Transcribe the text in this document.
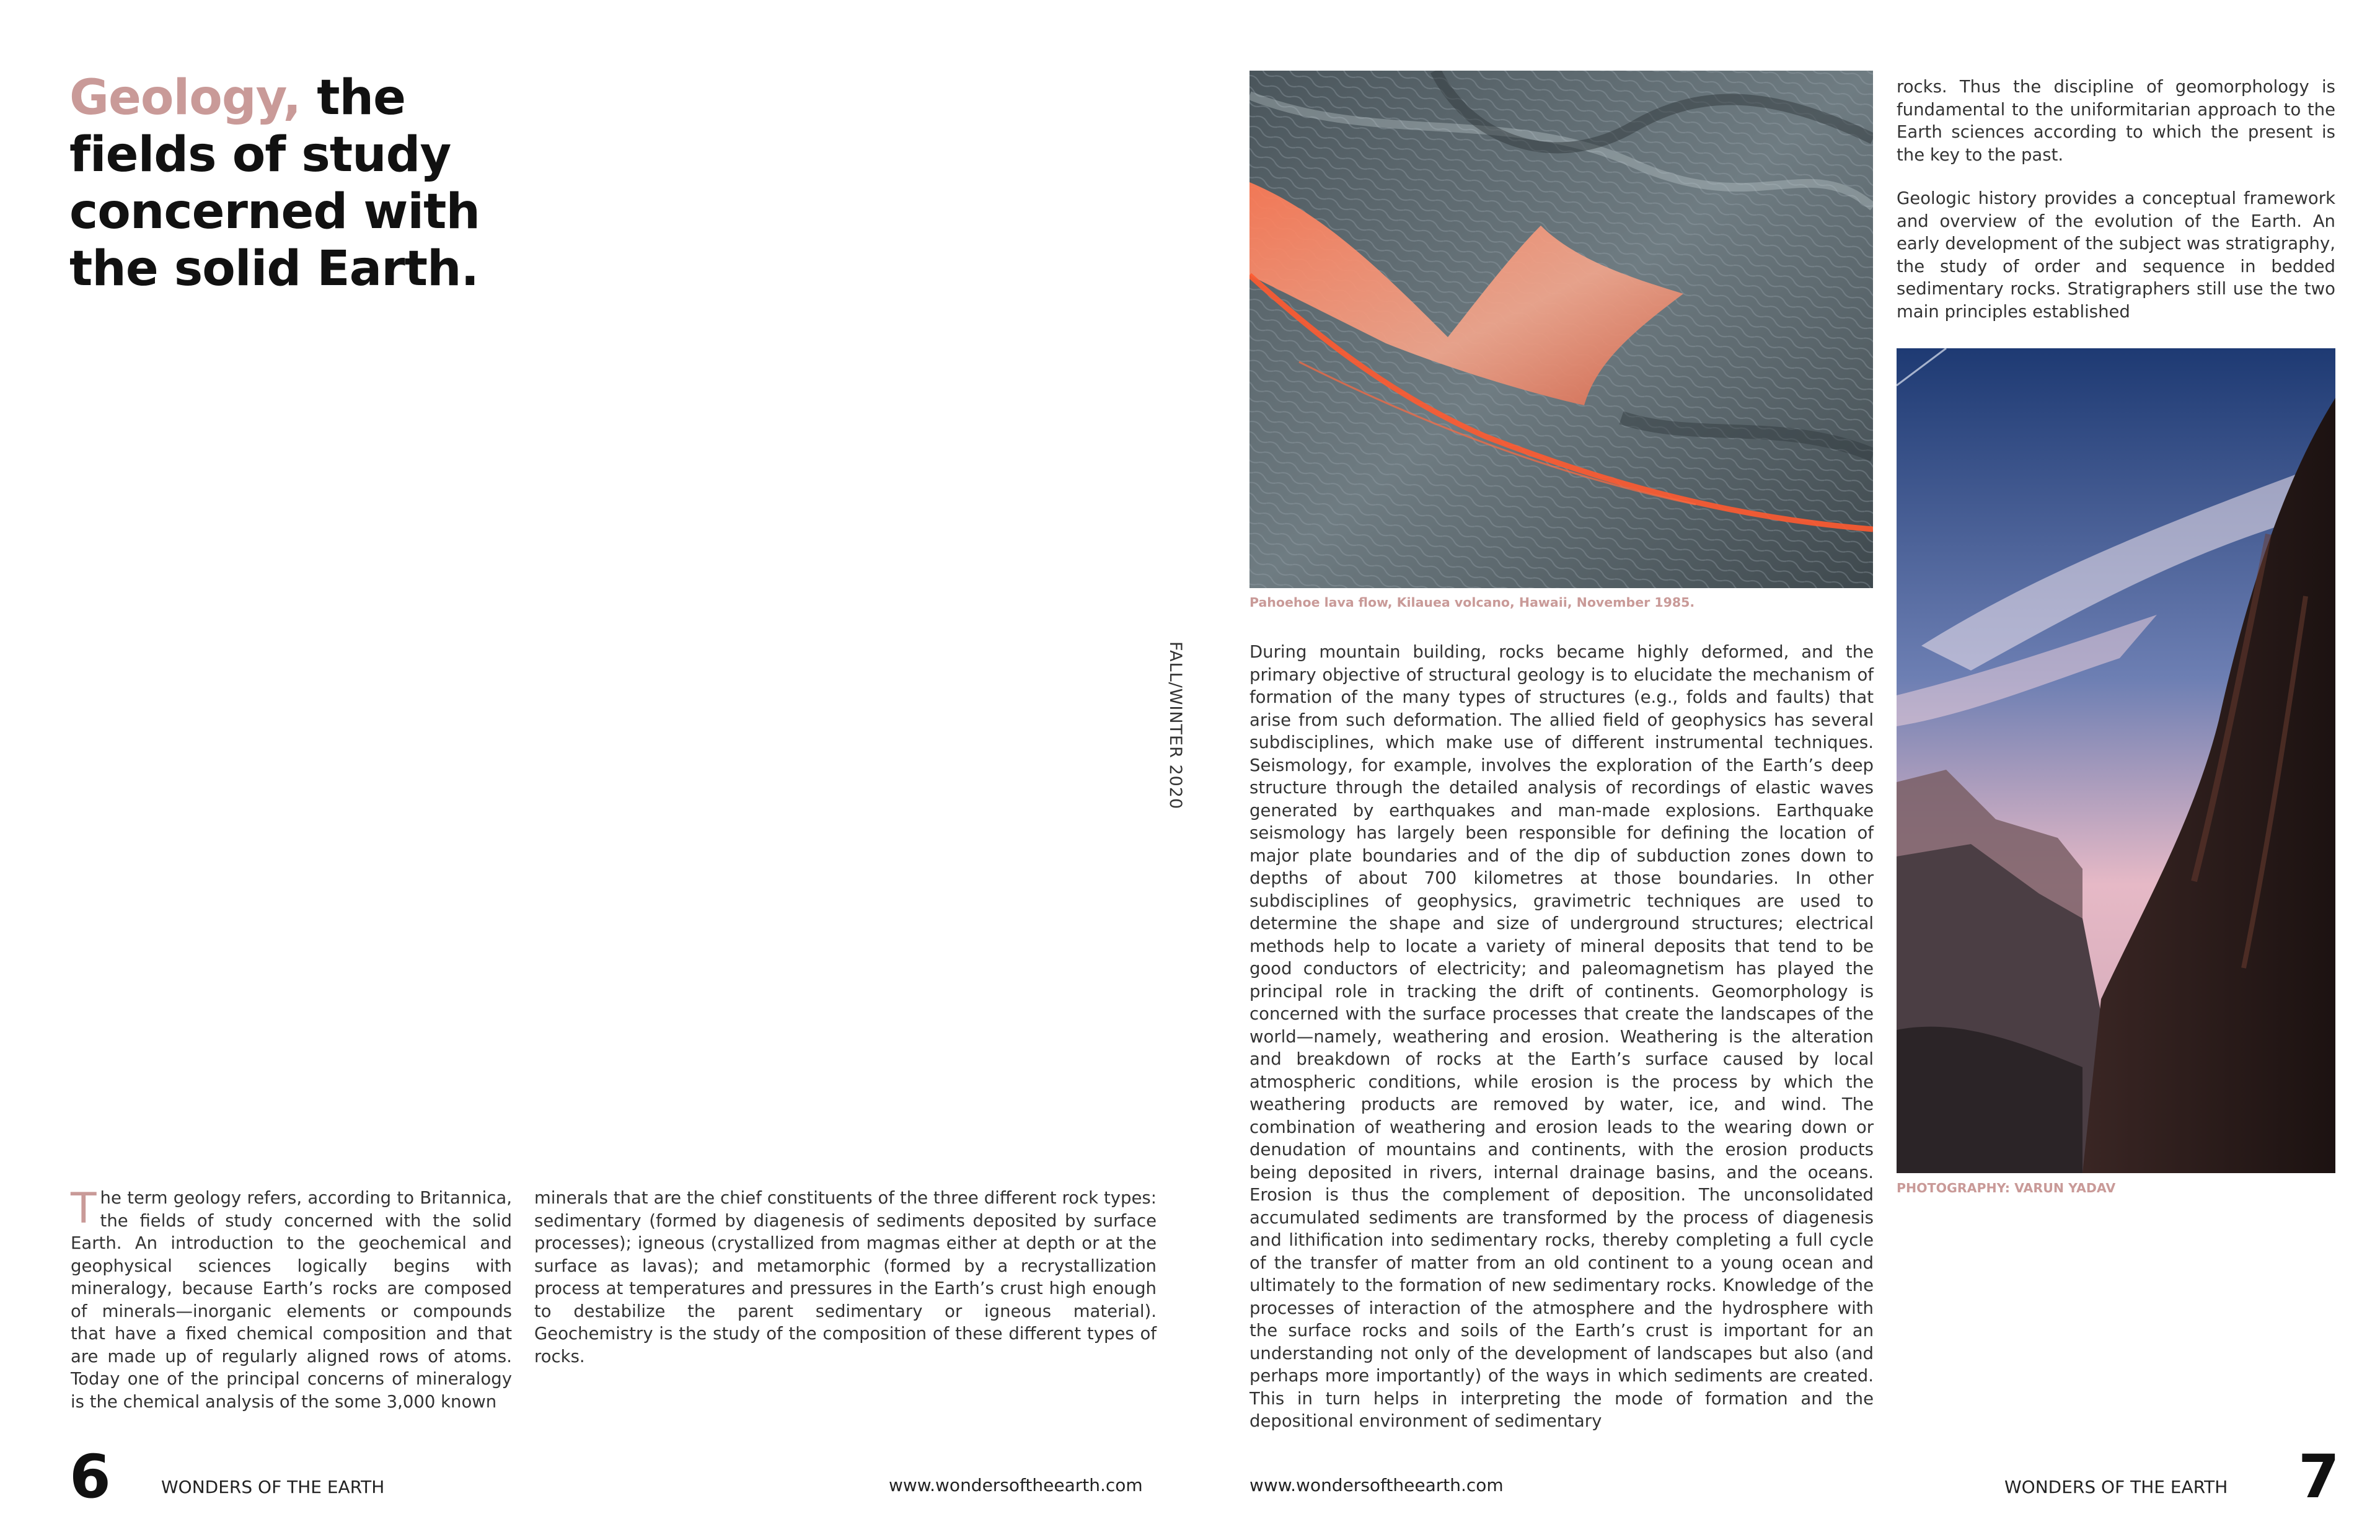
Geology, the fields of study concerned with the solid Earth.
The term geology refers, according to Britannica, the fields of study concerned with the solid Earth. An introduction to the geochemical and geophysical sciences logically begins with mineralogy, because Earth’s rocks are composed of minerals—inorganic elements or compounds that have a fixed chemical composition and that are made up of regularly aligned rows of atoms. Today one of the principal concerns of mineralogy is the chemical analysis of the some 3,000 known
minerals that are the chief constituents of the three different rock types: sedimentary (formed by diagenesis of sediments deposited by surface processes); igneous (crystallized from magmas either at depth or at the surface as lavas); and metamorphic (formed by a recrystallization process at temperatures and pressures in the Earth’s crust high enough to destabilize the parent sedimentary or igneous material). Geochemistry is the study of the composition of these different types of rocks.
FALL/WINTER 2020
Pahoehoe lava flow, Kilauea volcano, Hawaii, November 1985.
During mountain building, rocks became highly deformed, and the primary objective of structural geology is to elucidate the mechanism of formation of the many types of structures (e.g., folds and faults) that arise from such deformation. The allied field of geophysics has several subdisciplines, which make use of different instrumental techniques. Seismology, for example, involves the exploration of the Earth’s deep structure through the detailed analysis of recordings of elastic waves generated by earthquakes and man-made explosions. Earthquake seismology has largely been responsible for defining the location of major plate boundaries and of the dip of subduction zones down to depths of about 700 kilometres at those boundaries. In other subdisciplines of geophysics, gravimetric techniques are used to determine the shape and size of underground structures; electrical methods help to locate a variety of mineral deposits that tend to be good conductors of electricity; and paleomagnetism has played the principal role in tracking the drift of continents. Geomorphology is concerned with the surface processes that create the landscapes of the world—namely, weathering and erosion. Weathering is the alteration and breakdown of rocks at the Earth’s surface caused by local atmospheric conditions, while erosion is the process by which the weathering products are removed by water, ice, and wind. The combination of weathering and erosion leads to the wearing down or denudation of mountains and continents, with the erosion products being deposited in rivers, internal drainage basins, and the oceans. Erosion is thus the complement of deposition. The unconsolidated accumulated sediments are transformed by the process of diagenesis and lithification into sedimentary rocks, thereby completing a full cycle of the transfer of matter from an old continent to a young ocean and ultimately to the formation of new sedimentary rocks. Knowledge of the processes of interaction of the atmosphere and the hydrosphere with the surface rocks and soils of the Earth’s crust is important for an understanding not only of the development of landscapes but also (and perhaps more importantly) of the ways in which sediments are created. This in turn helps in interpreting the mode of formation and the depositional environment of sedimentary
rocks. Thus the discipline of geomorphology is fundamental to the uniformitarian approach to the Earth sciences according to which the present is the key to the past.
Geologic history provides a conceptual framework and overview of the evolution of the Earth. An early development of the subject was stratigraphy, the study of order and sequence in bedded sedimentary rocks. Stratigraphers still use the two main principles established
PHOTOGRAPHY: VARUN YADAV
6	WONDERS OF THE EARTH	www.wondersoftheearth.com	www.wondersoftheearth.com	WONDERS OF THE EARTH 7
